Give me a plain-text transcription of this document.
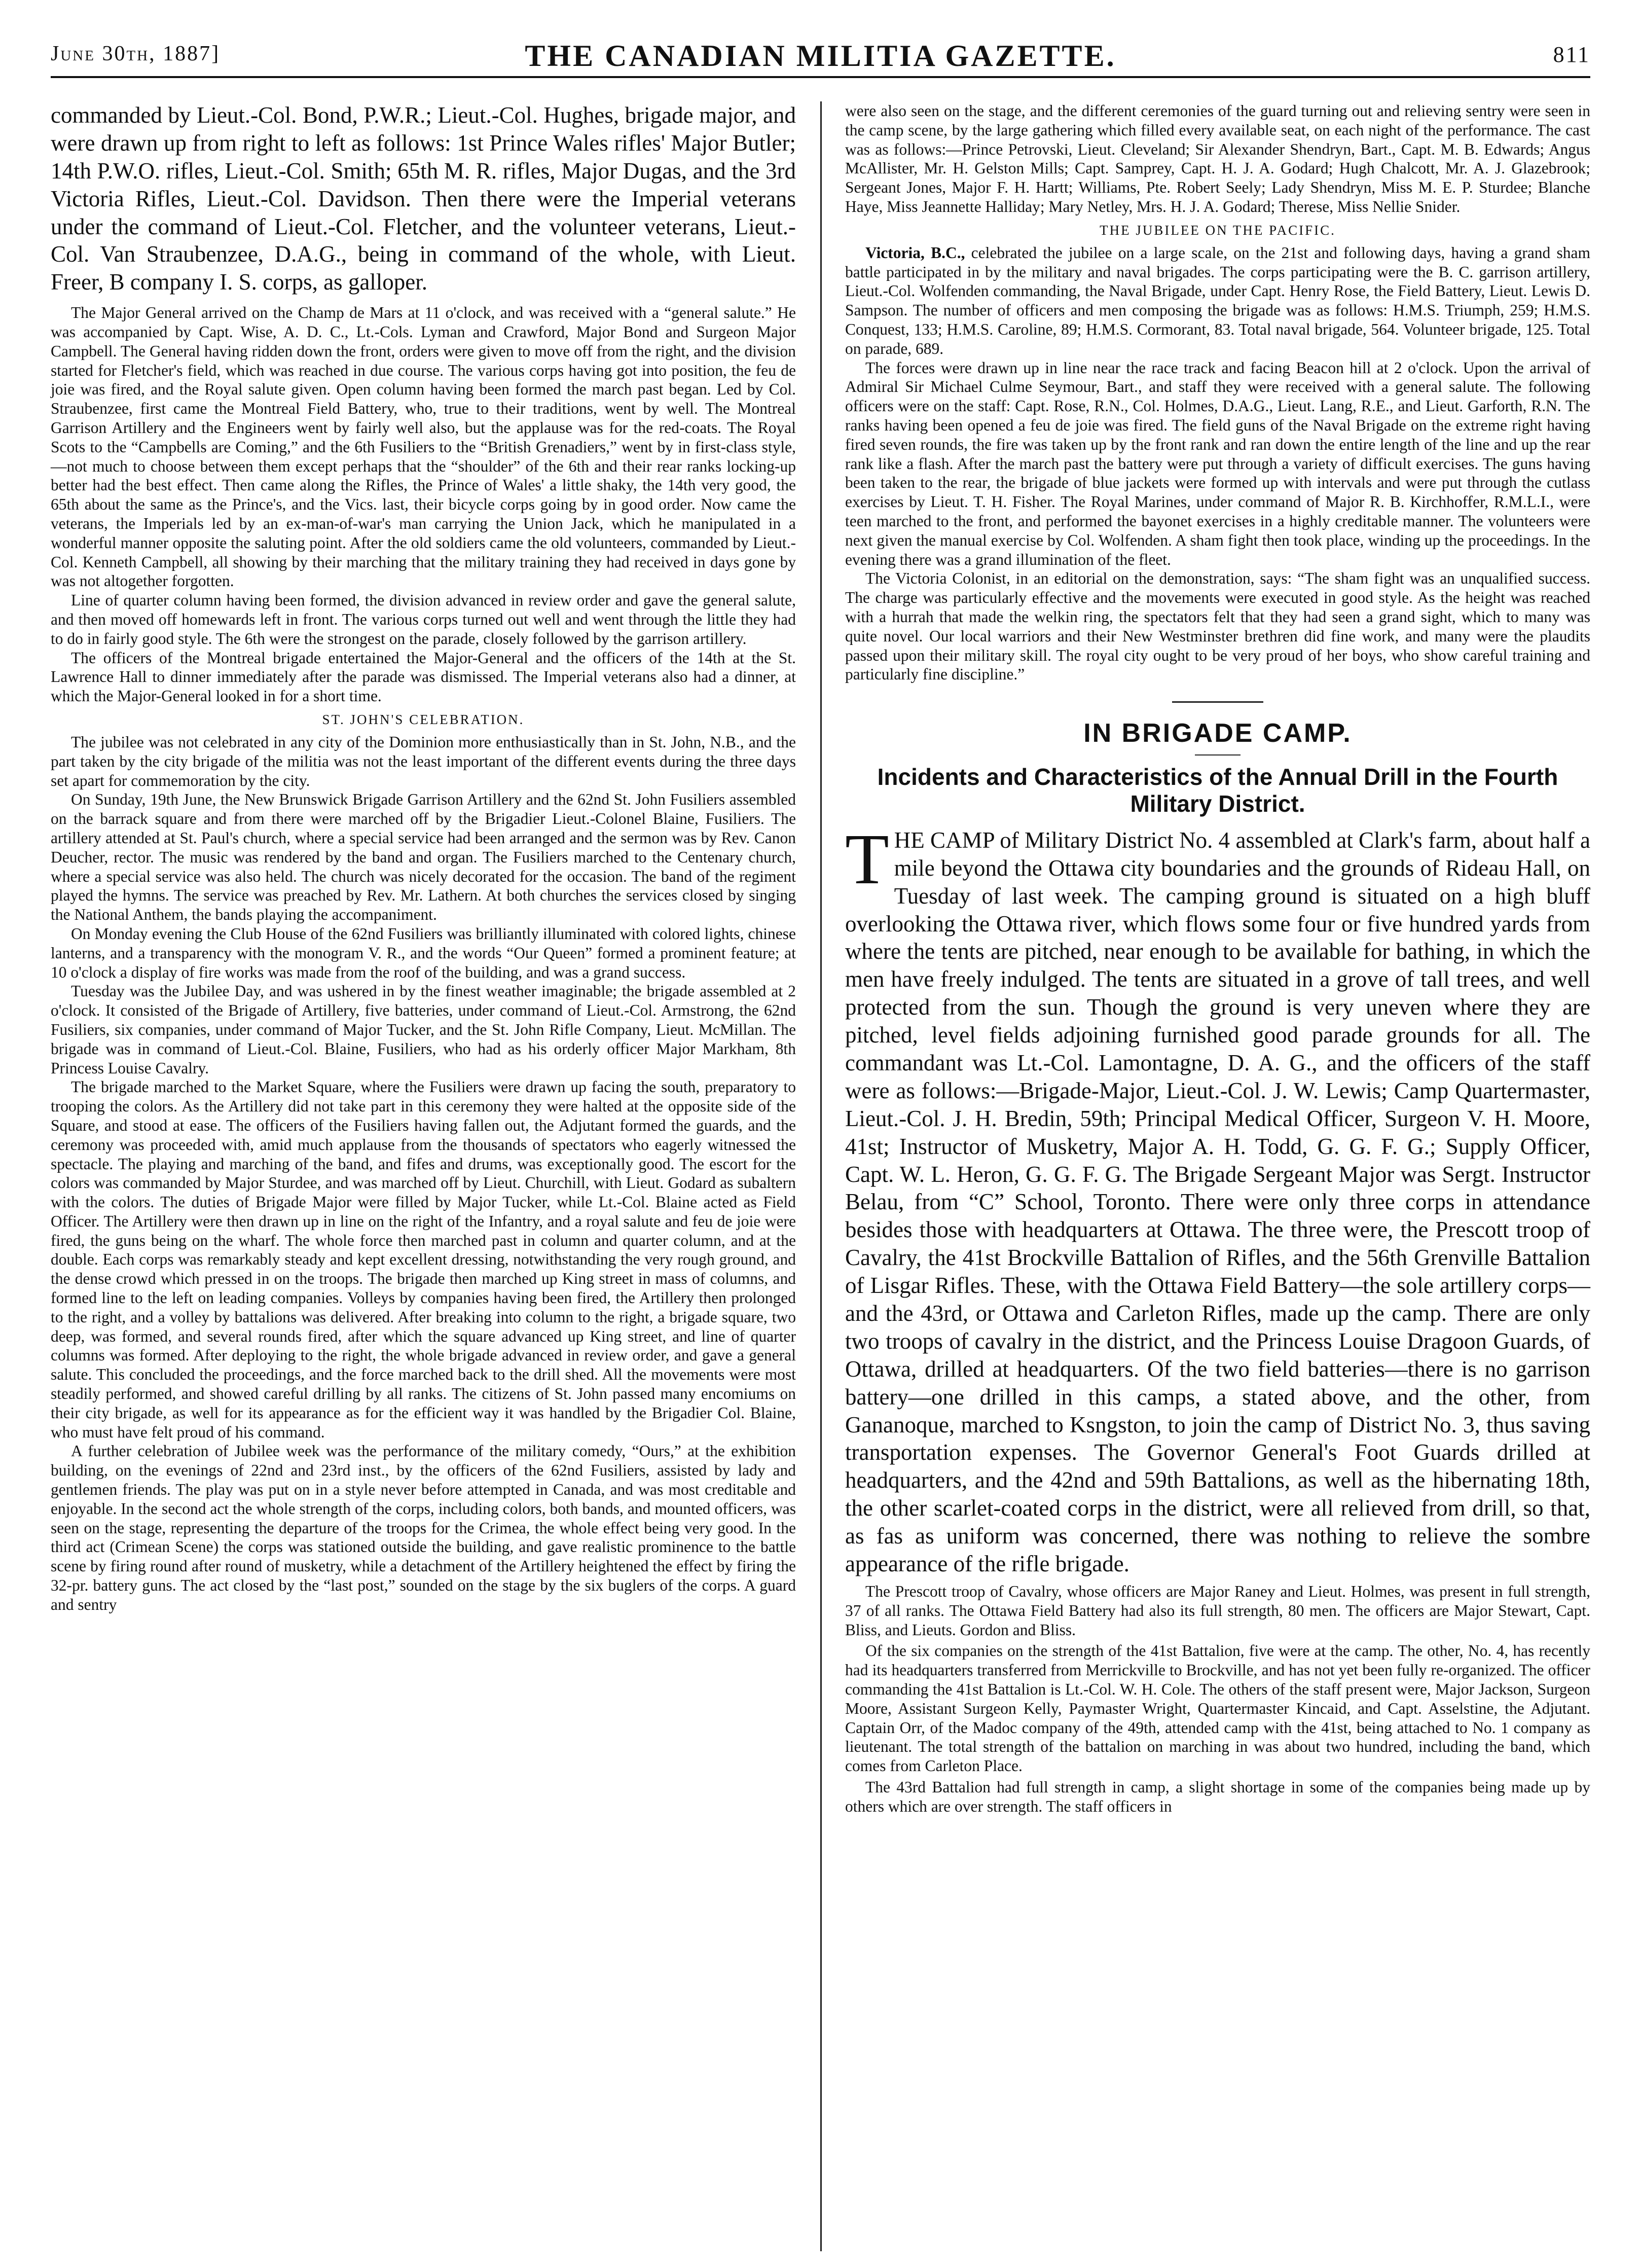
June 30th, 1887]	THE CANADIAN MILITIA GAZETTE.	811

commanded by Lieut.-Col. Bond, P.W.R.; Lieut.-Col. Hughes, brigade major, and were drawn up from right to left as follows: 1st Prince Wales rifles' Major Butler; 14th P.W.O. rifles, Lieut.-Col. Smith; 65th M. R. rifles, Major Dugas, and the 3rd Victoria Rifles, Lieut.-Col. Davidson. Then there were the Imperial veterans under the command of Lieut.-Col. Fletcher, and the volunteer veterans, Lieut.-Col. Van Straubenzee, D.A.G., being in command of the whole, with Lieut. Freer, B company I. S. corps, as galloper.

The Major General arrived on the Champ de Mars at 11 o'clock, and was received with a “general salute.” He was accompanied by Capt. Wise, A. D. C., Lt.-Cols. Lyman and Crawford, Major Bond and Surgeon Major Campbell. The General having ridden down the front, orders were given to move off from the right, and the division started for Fletcher's field, which was reached in due course. The various corps having got into position, the feu de joie was fired, and the Royal salute given. Open column having been formed the march past began. Led by Col. Straubenzee, first came the Montreal Field Battery, who, true to their traditions, went by well. The Montreal Garrison Artillery and the Engineers went by fairly well also, but the applause was for the red-coats. The Royal Scots to the “Campbells are Coming,” and the 6th Fusiliers to the “British Grenadiers,” went by in first-class style,—not much to choose between them except perhaps that the “shoulder” of the 6th and their rear ranks locking-up better had the best effect. Then came along the Rifles, the Prince of Wales' a little shaky, the 14th very good, the 65th about the same as the Prince's, and the Vics. last, their bicycle corps going by in good order. Now came the veterans, the Imperials led by an ex-man-of-war's man carrying the Union Jack, which he manipulated in a wonderful manner opposite the saluting point. After the old soldiers came the old volunteers, commanded by Lieut.-Col. Kenneth Campbell, all showing by their marching that the military training they had received in days gone by was not altogether forgotten.

Line of quarter column having been formed, the division advanced in review order and gave the general salute, and then moved off homewards left in front. The various corps turned out well and went through the little they had to do in fairly good style. The 6th were the strongest on the parade, closely followed by the garrison artillery.

The officers of the Montreal brigade entertained the Major-General and the officers of the 14th at the St. Lawrence Hall to dinner immediately after the parade was dismissed. The Imperial veterans also had a dinner, at which the Major-General looked in for a short time.

ST. JOHN'S CELEBRATION.

The jubilee was not celebrated in any city of the Dominion more enthusiastically than in St. John, N.B., and the part taken by the city brigade of the militia was not the least important of the different events during the three days set apart for commemoration by the city.

On Sunday, 19th June, the New Brunswick Brigade Garrison Artillery and the 62nd St. John Fusiliers assembled on the barrack square and from there were marched off by the Brigadier Lieut.-Colonel Blaine, Fusiliers. The artillery attended at St. Paul's church, where a special service had been arranged and the sermon was by Rev. Canon Deucher, rector. The music was rendered by the band and organ. The Fusiliers marched to the Centenary church, where a special service was also held. The church was nicely decorated for the occasion. The band of the regiment played the hymns. The service was preached by Rev. Mr. Lathern. At both churches the services closed by singing the National Anthem, the bands playing the accompaniment.

On Monday evening the Club House of the 62nd Fusiliers was brilliantly illuminated with colored lights, chinese lanterns, and a transparency with the monogram V. R., and the words “Our Queen” formed a prominent feature; at 10 o'clock a display of fire works was made from the roof of the building, and was a grand success.

Tuesday was the Jubilee Day, and was ushered in by the finest weather imaginable; the brigade assembled at 2 o'clock. It consisted of the Brigade of Artillery, five batteries, under command of Lieut.-Col. Armstrong, the 62nd Fusiliers, six companies, under command of Major Tucker, and the St. John Rifle Company, Lieut. McMillan. The brigade was in command of Lieut.-Col. Blaine, Fusiliers, who had as his orderly officer Major Markham, 8th Princess Louise Cavalry.

The brigade marched to the Market Square, where the Fusiliers were drawn up facing the south, preparatory to trooping the colors. As the Artillery did not take part in this ceremony they were halted at the opposite side of the Square, and stood at ease. The officers of the Fusiliers having fallen out, the Adjutant formed the guards, and the ceremony was proceeded with, amid much applause from the thousands of spectators who eagerly witnessed the spectacle. The playing and marching of the band, and fifes and drums, was exceptionally good. The escort for the colors was commanded by Major Sturdee, and was marched off by Lieut. Churchill, with Lieut. Godard as subaltern with the colors. The duties of Brigade Major were filled by Major Tucker, while Lt.-Col. Blaine acted as Field Officer. The Artillery were then drawn up in line on the right of the Infantry, and a royal salute and feu de joie were fired, the guns being on the wharf. The whole force then marched past in column and quarter column, and at the double. Each corps was remarkably steady and kept excellent dressing, notwithstanding the very rough ground, and the dense crowd which pressed in on the troops. The brigade then marched up King street in mass of columns, and formed line to the left on leading companies. Volleys by companies having been fired, the Artillery then prolonged to the right, and a volley by battalions was delivered. After breaking into column to the right, a brigade square, two deep, was formed, and several rounds fired, after which the square advanced up King street, and line of quarter columns was formed. After deploying to the right, the whole brigade advanced in review order, and gave a general salute. This concluded the proceedings, and the force marched back to the drill shed. All the movements were most steadily performed, and showed careful drilling by all ranks. The citizens of St. John passed many encomiums on their city brigade, as well for its appearance as for the efficient way it was handled by the Brigadier Col. Blaine, who must have felt proud of his command.

A further celebration of Jubilee week was the performance of the military comedy, “Ours,” at the exhibition building, on the evenings of 22nd and 23rd inst., by the officers of the 62nd Fusiliers, assisted by lady and gentlemen friends. The play was put on in a style never before attempted in Canada, and was most creditable and enjoyable. In the second act the whole strength of the corps, including colors, both bands, and mounted officers, was seen on the stage, representing the departure of the troops for the Crimea, the whole effect being very good. In the third act (Crimean Scene) the corps was stationed outside the building, and gave realistic prominence to the battle scene by firing round after round of musketry, while a detachment of the Artillery heightened the effect by firing the 32-pr. battery guns. The act closed by the “last post,” sounded on the stage by the six buglers of the corps. A guard and sentry

were also seen on the stage, and the different ceremonies of the guard turning out and relieving sentry were seen in the camp scene, by the large gathering which filled every available seat, on each night of the performance. The cast was as follows:—Prince Petrovski, Lieut. Cleveland; Sir Alexander Shendryn, Bart., Capt. M. B. Edwards; Angus McAllister, Mr. H. Gelston Mills; Capt. Samprey, Capt. H. J. A. Godard; Hugh Chalcott, Mr. A. J. Glazebrook; Sergeant Jones, Major F. H. Hartt; Williams, Pte. Robert Seely; Lady Shendryn, Miss M. E. P. Sturdee; Blanche Haye, Miss Jeannette Halliday; Mary Netley, Mrs. H. J. A. Godard; Therese, Miss Nellie Snider.

THE JUBILEE ON THE PACIFIC.

Victoria, B.C., celebrated the jubilee on a large scale, on the 21st and following days, having a grand sham battle participated in by the military and naval brigades. The corps participating were the B. C. garrison artillery, Lieut.-Col. Wolfenden commanding, the Naval Brigade, under Capt. Henry Rose, the Field Battery, Lieut. Lewis D. Sampson. The number of officers and men composing the brigade was as follows: H.M.S. Triumph, 259; H.M.S. Conquest, 133; H.M.S. Caroline, 89; H.M.S. Cormorant, 83. Total naval brigade, 564. Volunteer brigade, 125. Total on parade, 689.

The forces were drawn up in line near the race track and facing Beacon hill at 2 o'clock. Upon the arrival of Admiral Sir Michael Culme Seymour, Bart., and staff they were received with a general salute. The following officers were on the staff: Capt. Rose, R.N., Col. Holmes, D.A.G., Lieut. Lang, R.E., and Lieut. Garforth, R.N. The ranks having been opened a feu de joie was fired. The field guns of the Naval Brigade on the extreme right having fired seven rounds, the fire was taken up by the front rank and ran down the entire length of the line and up the rear rank like a flash. After the march past the battery were put through a variety of difficult exercises. The guns having been taken to the rear, the brigade of blue jackets were formed up with intervals and were put through the cutlass exercises by Lieut. T. H. Fisher. The Royal Marines, under command of Major R. B. Kirchhoffer, R.M.L.I., were teen marched to the front, and performed the bayonet exercises in a highly creditable manner. The volunteers were next given the manual exercise by Col. Wolfenden. A sham fight then took place, winding up the proceedings. In the evening there was a grand illumination of the fleet.

The Victoria Colonist, in an editorial on the demonstration, says: “The sham fight was an unqualified success. The charge was particularly effective and the movements were executed in good style. As the height was reached with a hurrah that made the welkin ring, the spectators felt that they had seen a grand sight, which to many was quite novel. Our local warriors and their New Westminster brethren did fine work, and many were the plaudits passed upon their military skill. The royal city ought to be very proud of her boys, who show careful training and particularly fine discipline.”

IN BRIGADE CAMP.
Incidents and Characteristics of the Annual Drill in the Fourth Military District.

THE CAMP of Military District No. 4 assembled at Clark's farm, about half a mile beyond the Ottawa city boundaries and the grounds of Rideau Hall, on Tuesday of last week. The camping ground is situated on a high bluff overlooking the Ottawa river, which flows some four or five hundred yards from where the tents are pitched, near enough to be available for bathing, in which the men have freely indulged. The tents are situated in a grove of tall trees, and well protected from the sun. Though the ground is very uneven where they are pitched, level fields adjoining furnished good parade grounds for all. The commandant was Lt.-Col. Lamontagne, D. A. G., and the officers of the staff were as follows:—Brigade-Major, Lieut.-Col. J. W. Lewis; Camp Quartermaster, Lieut.-Col. J. H. Bredin, 59th; Principal Medical Officer, Surgeon V. H. Moore, 41st; Instructor of Musketry, Major A. H. Todd, G. G. F. G.; Supply Officer, Capt. W. L. Heron, G. G. F. G. The Brigade Sergeant Major was Sergt. Instructor Belau, from “C” School, Toronto. There were only three corps in attendance besides those with headquarters at Ottawa. The three were, the Prescott troop of Cavalry, the 41st Brockville Battalion of Rifles, and the 56th Grenville Battalion of Lisgar Rifles. These, with the Ottawa Field Battery—the sole artillery corps—and the 43rd, or Ottawa and Carleton Rifles, made up the camp. There are only two troops of cavalry in the district, and the Princess Louise Dragoon Guards, of Ottawa, drilled at headquarters. Of the two field batteries—there is no garrison battery—one drilled in this camps, a stated above, and the other, from Gananoque, marched to Ksngston, to join the camp of District No. 3, thus saving transportation expenses. The Governor General's Foot Guards drilled at headquarters, and the 42nd and 59th Battalions, as well as the hibernating 18th, the other scarlet-coated corps in the district, were all relieved from drill, so that, as fas as uniform was concerned, there was nothing to relieve the sombre appearance of the rifle brigade.

The Prescott troop of Cavalry, whose officers are Major Raney and Lieut. Holmes, was present in full strength, 37 of all ranks. The Ottawa Field Battery had also its full strength, 80 men. The officers are Major Stewart, Capt. Bliss, and Lieuts. Gordon and Bliss.

Of the six companies on the strength of the 41st Battalion, five were at the camp. The other, No. 4, has recently had its headquarters transferred from Merrickville to Brockville, and has not yet been fully re-organized. The officer commanding the 41st Battalion is Lt.-Col. W. H. Cole. The others of the staff present were, Major Jackson, Surgeon Moore, Assistant Surgeon Kelly, Paymaster Wright, Quartermaster Kincaid, and Capt. Asselstine, the Adjutant. Captain Orr, of the Madoc company of the 49th, attended camp with the 41st, being attached to No. 1 company as lieutenant. The total strength of the battalion on marching in was about two hundred, including the band, which comes from Carleton Place.

The 43rd Battalion had full strength in camp, a slight shortage in some of the companies being made up by others which are over strength. The staff officers in
